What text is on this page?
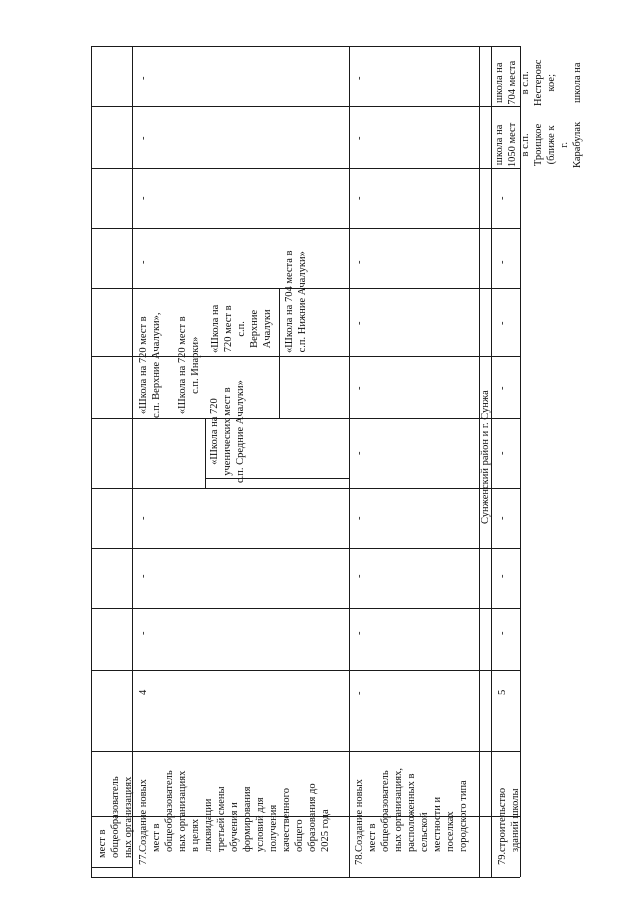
мест в общеобразователь ных организациях
77.
Создание новых мест в общеобразователь ных организациях в целях ликвидации третьей смены обучения и формирования условий для получения качественного общего образования до 2025 года
4
-
-
-
«Школа на 720 мест в с.п. Верхние Ачалуки»,
«Школа на 720 мест в с.п. Инарки»
«Школа на 720 ученических мест в с.п. Средние Ачалуки»
«Школа на 720 мест в с.п. Верхние Ачалуки «Школа на 704 места в с.п. Нижние Ачалуки»
-
-
-
-
78.
Создание новых мест в общеобразователь ных организациях, расположенных в сельской местности и поселках городского типа
-
-
-
-
-
-
-
-
-
-
-
Сунженский район и г. Сунжа
79.
строительство зданий школы
5
-
-
-
-
-
-
-
-
школа на 1050 мест в с.п. Троицкое (ближе к г. Карабулак
школа на 704 места в с.п. Нестеровс кое;
школа на
